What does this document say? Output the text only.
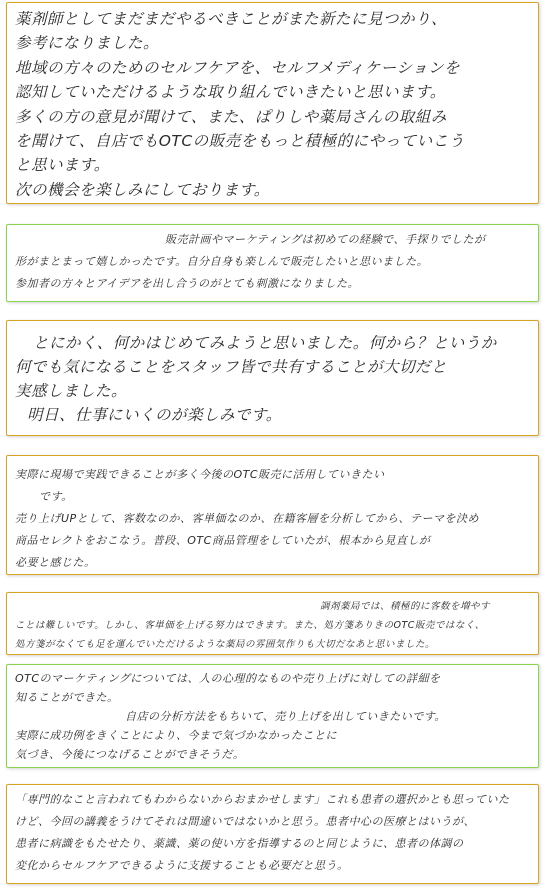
薬剤師としてまだまだやるべきことがまた新たに見つかり、
参考になりました。
地域の方々のためのセルフケアを、セルフメディケーションを
認知していただけるような取り組んでいきたいと思います。
多くの方の意見が聞けて、また、ぱりしや薬局さんの取組み
を聞けて、自店でもOTCの販売をもっと積極的にやっていこう
と思います。
次の機会を楽しみにしております。

販売計画やマーケティングは初めての経験で、手探りでしたが
形がまとまって嬉しかったです。自分自身も楽しんで販売したいと思いました。
参加者の方々とアイデアを出し合うのがとても刺激になりました。

とにかく、何かはじめてみようと思いました。何から？というか
何でも気になることをスタッフ皆で共有することが大切だと
実感しました。
明日、仕事にいくのが楽しみです。

実際に現場で実践できることが多く今後のOTC販売に活用していきたい
です。
売り上げUPとして、客数なのか、客単価なのか、在籍客層を分析してから、テーマを決め
商品セレクトをおこなう。普段、OTC商品管理をしていたが、根本から見直しが
必要と感じた。

調剤薬局では、積極的に客数を増やす
ことは難しいです。しかし、客単価を上げる努力はできます。また、処方箋ありきのOTC販売ではなく、
処方箋がなくても足を運んでいただけるような薬局の雰囲気作りも大切だなあと思いました。

OTCのマーケティングについては、人の心理的なものや売り上げに対しての詳細を
知ることができた。
自店の分析方法をもちいて、売り上げを出していきたいです。
実際に成功例をきくことにより、今まで気づかなかったことに
気づき、今後につなげることができそうだ。

「専門的なこと言われてもわからないからおまかせします」これも患者の選択かとも思っていた
けど、今回の講義をうけてそれは間違いではないかと思う。患者中心の医療とはいうが、
患者に病識をもたせたり、薬識、薬の使い方を指導するのと同じように、患者の体調の
変化からセルフケアできるように支援することも必要だと思う。
